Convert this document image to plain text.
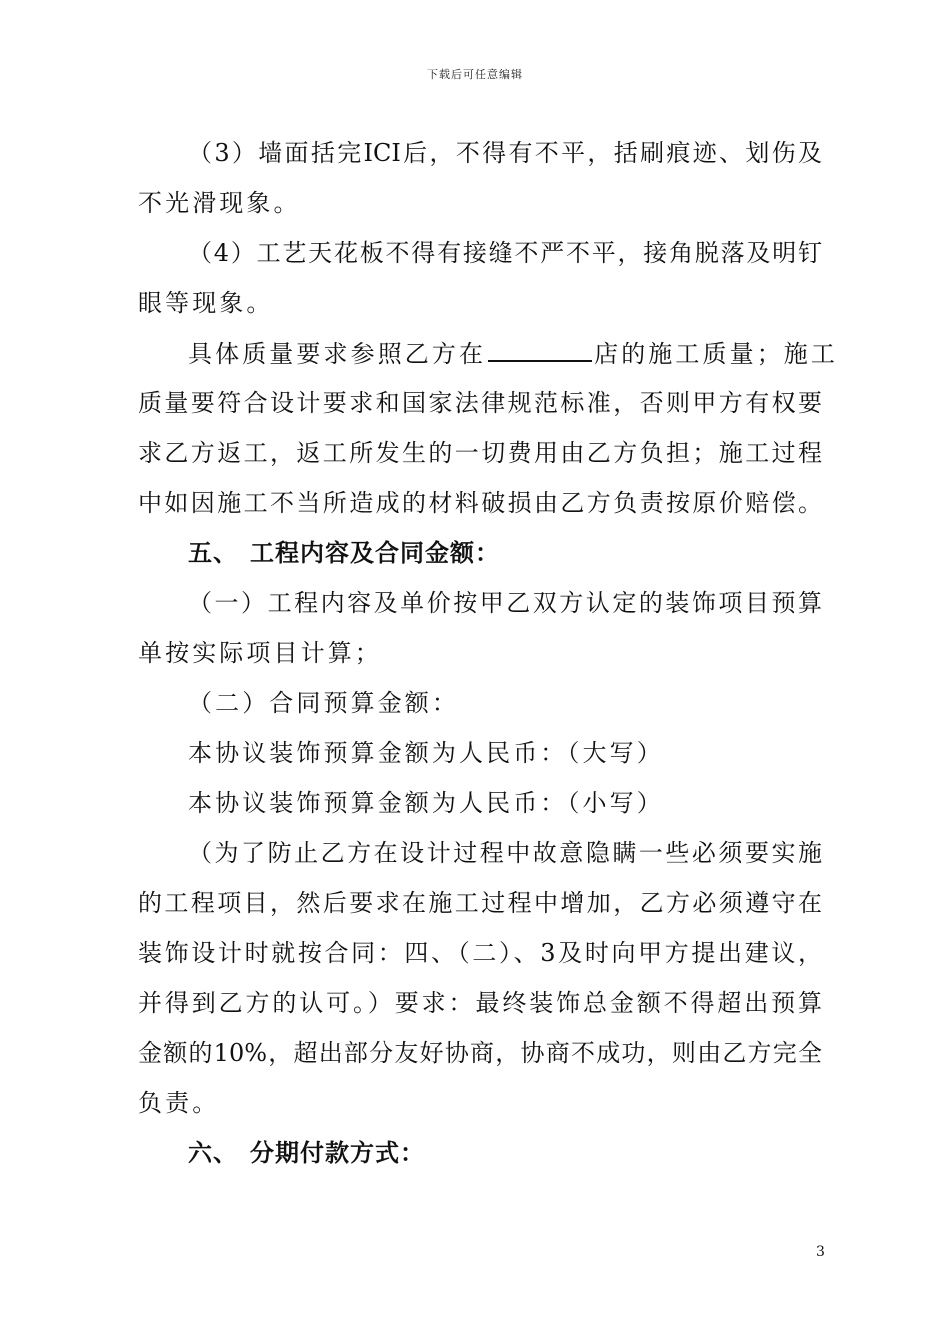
下载后可任意编辑
（3）墙面括完ICI后，不得有不平，括刷痕迹、划伤及
不光滑现象。
（4）工艺天花板不得有接缝不严不平，接角脱落及明钉
眼等现象。
具体质量要求参照乙方在	店的施工质量；施工
质量要符合设计要求和国家法律规范标准，否则甲方有权要
求乙方返工，返工所发生的一切费用由乙方负担；施工过程
中如因施工不当所造成的材料破损由乙方负责按原价赔偿。
五、 工程内容及合同金额：
（一）工程内容及单价按甲乙双方认定的装饰项目预算
单按实际项目计算；
（二）合同预算金额：
本协议装饰预算金额为人民币：（大写）
本协议装饰预算金额为人民币：（小写）
（为了防止乙方在设计过程中故意隐瞒一些必须要实施
的工程项目，然后要求在施工过程中增加，乙方必须遵守在
装饰设计时就按合同：四、（二）、3及时向甲方提出建议，
并得到乙方的认可。）要求：最终装饰总金额不得超出预算
金额的10%，超出部分友好协商，协商不成功，则由乙方完全
负责。
六、 分期付款方式：
3
